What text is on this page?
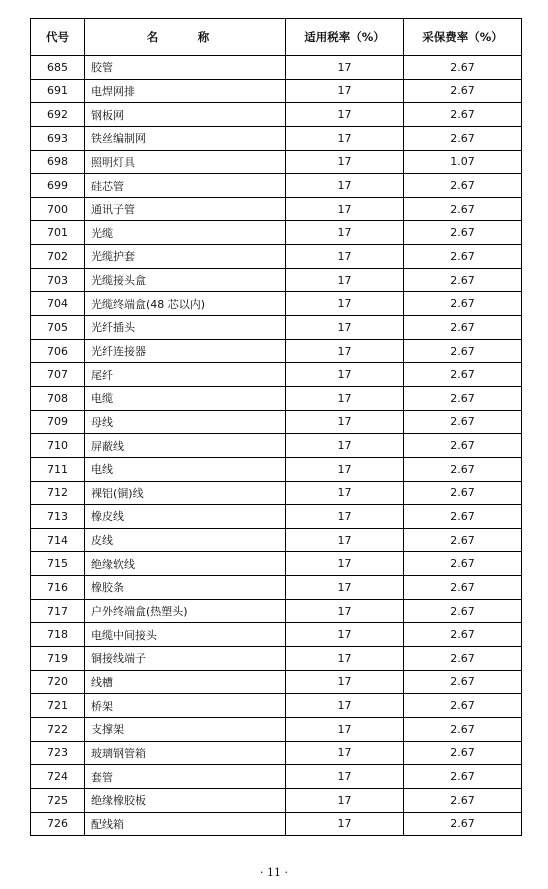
代号	名　称	适用税率（%）	采保费率（%）
685	胶管	17	2.67
691	电焊网排	17	2.67
692	钢板网	17	2.67
693	铁丝编制网	17	2.67
698	照明灯具	17	1.07
699	硅芯管	17	2.67
700	通讯子管	17	2.67
701	光缆	17	2.67
702	光缆护套	17	2.67
703	光缆接头盒	17	2.67
704	光缆终端盒(48 芯以内)	17	2.67
705	光纤插头	17	2.67
706	光纤连接器	17	2.67
707	尾纤	17	2.67
708	电缆	17	2.67
709	母线	17	2.67
710	屏蔽线	17	2.67
711	电线	17	2.67
712	裸铝(铜)线	17	2.67
713	橡皮线	17	2.67
714	皮线	17	2.67
715	绝缘软线	17	2.67
716	橡胶条	17	2.67
717	户外终端盒(热塑头)	17	2.67
718	电缆中间接头	17	2.67
719	铜接线端子	17	2.67
720	线槽	17	2.67
721	桥架	17	2.67
722	支撑架	17	2.67
723	玻璃钢管箱	17	2.67
724	套管	17	2.67
725	绝缘橡胶板	17	2.67
726	配线箱	17	2.67
· 11 ·
